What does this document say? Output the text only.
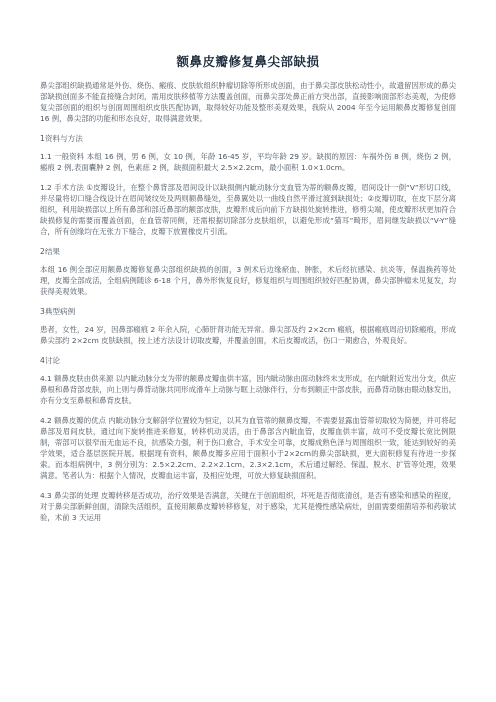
额鼻皮瓣修复鼻尖部缺损

鼻尖部组织缺损通常是外伤、烧伤、瘢痕、皮肤软组织肿瘤切除等所形成创面，由于鼻尖部皮肤松动性小，故遗留因形成的鼻尖部缺损创面多不能直接缝合封闭，需用皮肤移植等方法覆盖创面，而鼻尖部处鼻正前方突出部，直接影响面部形态美观，为使修复尖部创面的组织与创面周围组织皮肤匹配协调，取得较好功能及整形美观效果，我院从 2004 年至今运用额鼻皮瓣修复创面 16 例，鼻尖部的功能和形态良好，取得满意效果。

1资料与方法

1.1 一般资料 本组 16 例，男 6 例，女 10 例，年龄 16-45 岁，平均年龄 29 岁。缺损的原因：车祸外伤 8 例，烧伤 2 例，瘢痕 2 例,表面囊肿 2 例，色素痣 2 例，缺损面积最大 2.5×2.2cm，最小面积 1.0×1.0cm。

1.2 手术方法 ①皮瓣设计，在整个鼻背部及眉间设计以缺损侧内眦动脉分支血管为蒂的额鼻皮瓣，眉间设计一倒“V”形切口线，并尽量将切口缝合线设计在眉间皱纹处及两则额鼻缝处，至鼻翼处以一曲线自然平滑过渡到缺损处；②皮瓣切取，在皮下层分离组织，利用缺损部以上所有鼻部和部近鼻部的额部皮肤，皮瓣形成后向前下方缺损处旋转推进，修剪尖端，使皮瓣形状更加符合缺损修复的需要而覆盖创面，在血管蒂同侧，还需根据切除部分皮肤组织，以避免形成“猫耳”畸形，眉间继发缺损以“V-Y”缝合，所有创缘均在无张力下缝合，皮瓣下放置橡皮片引流。

2结果

本组 16 例全部应用额鼻皮瓣修复鼻尖部组织缺损的创面，3 例术后边缘瘀血、肿胀，术后经抗感染、抗炎等，保温换药等处理，皮瓣全部成活，全组病例随诊 6-18 个月，鼻外形恢复良好，修复组织与周围组织较好匹配协调，鼻尖部肿瘤未见复发，均获得美观效果。

3典型病例

患者，女性，24 岁，因鼻部瘢痕 2 年余入院，心肺肝肾功能无异常。鼻尖部及约 2×2cm 瘢痕，根据瘢痕周沿切除瘢痕，形成鼻尖部约 2×2cm 皮肤缺损，按上述方法设计切取皮瓣，并覆盖创面，术后皮瓣成活，伤口一期愈合，外观良好。

4讨论

4.1 额鼻皮肤由供来源 以内眦动脉分支为带的额鼻皮瓣血供丰富，因内眦动脉由面动脉终末支形成，在内眦附近发出分支，供应鼻根和鼻背部皮肤，向上则与鼻背动脉共同形成滑车上动脉与眶上动脉伴行，分布到额正中部皮肤，而鼻背动脉由眼动脉发出，亦有分支至鼻根和鼻背皮肤。

4.2 额鼻皮瓣的优点 内眦动脉分支解剖学位置较为恒定，以其为血管蒂的额鼻皮瓣，不需要显露血管蒂切取较为简便，并可将起鼻部及眉间皮肤，通过向下旋转推进来修复，转移机动灵活，由于鼻部含内眦血管，皮瓣血供丰富，故可不受皮瓣长宽比例限制，蒂部可以很窄而无血运不良，抗感染力强，利于伤口愈合，手术安全可靠，皮瓣成熟色泽与周围组织一致，能达到较好的美学效果，适合基层医院开展。根据现有资料，额鼻皮瓣多应用于面积小于2×2cm的鼻尖部缺损，更大面积修复有待进一步探索。而本组病例中，3 例分别为：2.5×2.2cm、2.2×2.1cm、2.3×2.1cm，术后通过解经、保温、脱水、扩管等处理，效果满意。笔者认为：根据个人情况，皮瓣血运丰富，及相应处理，可放大修复缺损面积。

4.3 鼻尖部的处理 皮瓣转移是否成功，治疗效果是否满意，关键在于创面组织，坏死是否彻底清创，是否有感染和感染的程度，对于鼻尖部新鲜创面，清除失活组织，直接用额鼻皮瓣转移修复，对于感染，尤其是慢性感染病灶，创面需要细菌培养和药敏试验，术前 3 天运用
